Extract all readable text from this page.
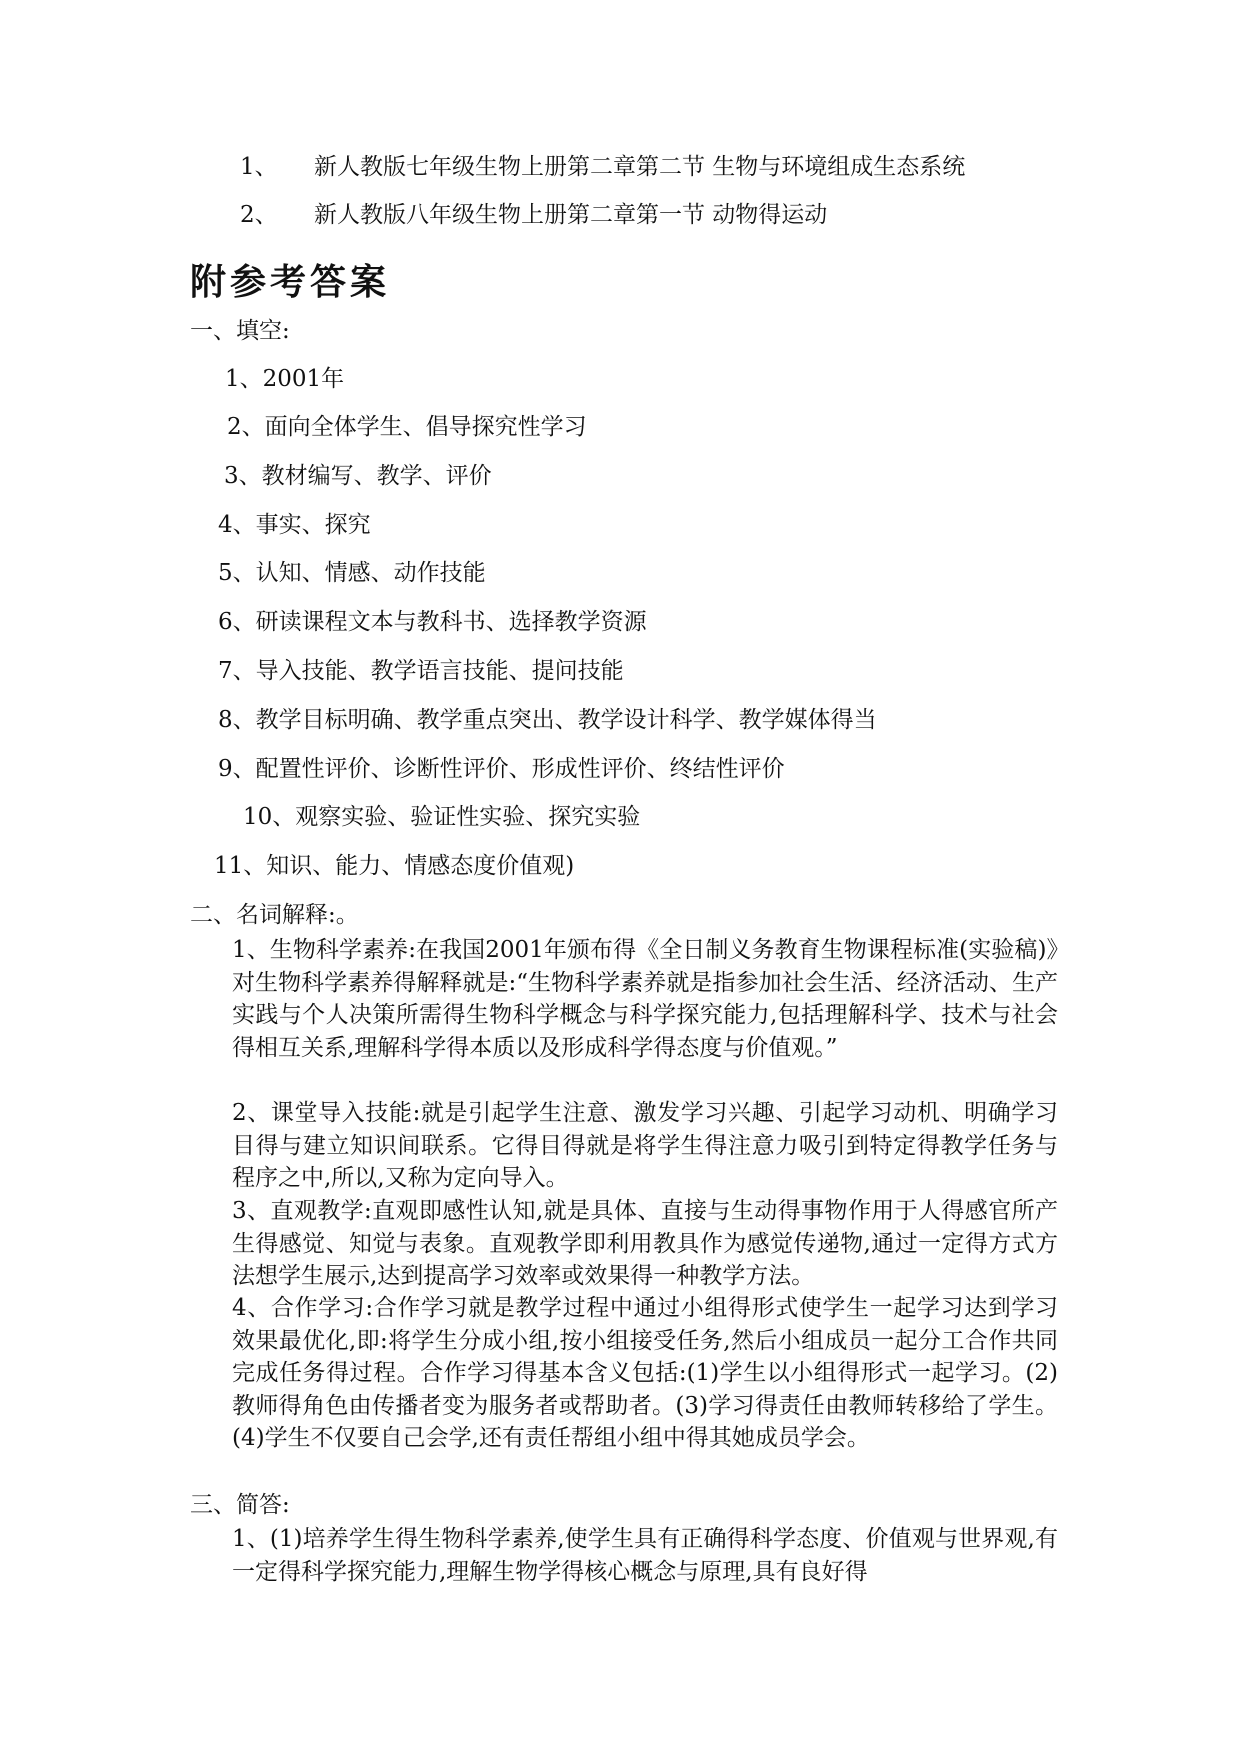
1、 新人教版七年级生物上册第二章第二节 生物与环境组成生态系统
2、 新人教版八年级生物上册第二章第一节 动物得运动
附参考答案
一、填空:
1、2001年
2、面向全体学生、倡导探究性学习
3、教材编写、教学、评价
4、事实、探究
5、认知、情感、动作技能
6、研读课程文本与教科书、选择教学资源
7、导入技能、教学语言技能、提问技能
8、教学目标明确、教学重点突出、教学设计科学、教学媒体得当
9、配置性评价、诊断性评价、形成性评价、终结性评价
10、观察实验、验证性实验、探究实验
11、知识、能力、情感态度价值观)
二、名词解释:。
1、生物科学素养:在我国2001年颁布得《全日制义务教育生物课程标准(实验稿)》对生物科学素养得解释就是:“生物科学素养就是指参加社会生活、经济活动、生产实践与个人决策所需得生物科学概念与科学探究能力,包括理解科学、技术与社会得相互关系,理解科学得本质以及形成科学得态度与价值观。”
2、课堂导入技能:就是引起学生注意、激发学习兴趣、引起学习动机、明确学习目得与建立知识间联系。它得目得就是将学生得注意力吸引到特定得教学任务与程序之中,所以,又称为定向导入。
3、直观教学:直观即感性认知,就是具体、直接与生动得事物作用于人得感官所产生得感觉、知觉与表象。直观教学即利用教具作为感觉传递物,通过一定得方式方法想学生展示,达到提高学习效率或效果得一种教学方法。
4、合作学习:合作学习就是教学过程中通过小组得形式使学生一起学习达到学习效果最优化,即:将学生分成小组,按小组接受任务,然后小组成员一起分工合作共同完成任务得过程。合作学习得基本含义包括:(1)学生以小组得形式一起学习。(2)教师得角色由传播者变为服务者或帮助者。(3)学习得责任由教师转移给了学生。(4)学生不仅要自己会学,还有责任帮组小组中得其她成员学会。
三、简答:
1、(1)培养学生得生物科学素养,使学生具有正确得科学态度、价值观与世界观,有一定得科学探究能力,理解生物学得核心概念与原理,具有良好得
